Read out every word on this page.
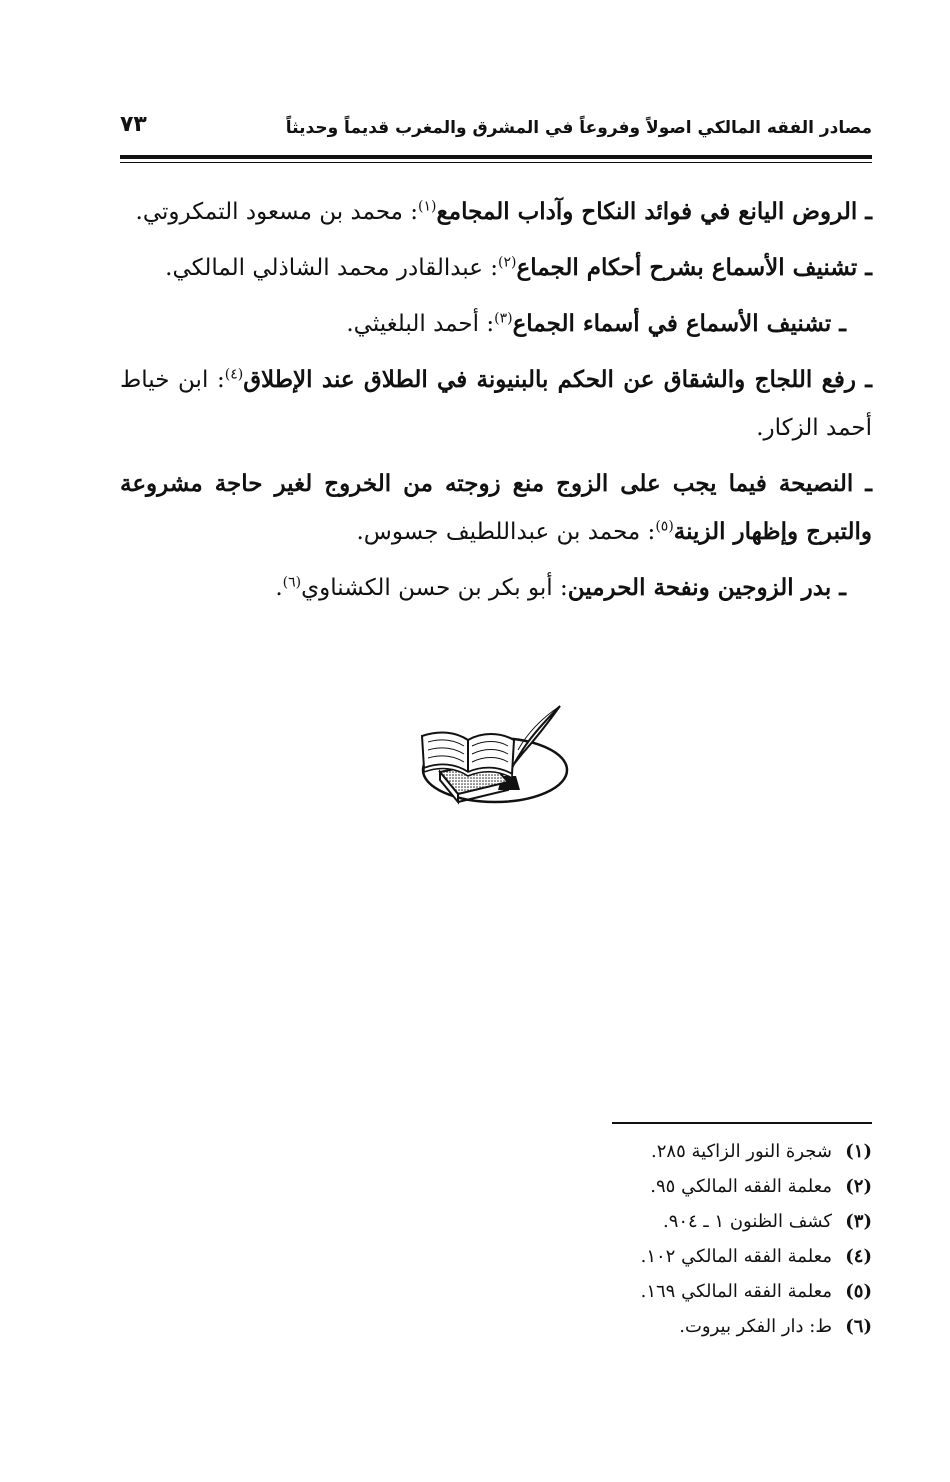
مصادر الفقه المالكي اصولاً وفروعاً في المشرق والمغرب قديماً وحديثاً
٧٣

ـ الروض اليانع في فوائد النكاح وآداب المجامع$^{(١)}$: محمد بن مسعود التمكروتي.

ـ تشنيف الأسماع بشرح أحكام الجماع$^{(٢)}$: عبدالقادر محمد الشاذلي المالكي.

ـ تشنيف الأسماع في أسماء الجماع$^{(٣)}$: أحمد البلغيثي.

ـ رفع اللجاج والشقاق عن الحكم بالبنيونة في الطلاق عند الإطلاق$^{(٤)}$: ابن خياط أحمد الزكار.

ـ النصيحة فيما يجب على الزوج منع زوجته من الخروج لغير حاجة مشروعة والتبرج وإظهار الزينة$^{(٥)}$: محمد بن عبداللطيف جسوس.

ـ بدر الزوجين ونفحة الحرمين: أبو بكر بن حسن الكشناوي$^{(٦)}$.

(١)شجرة النور الزاكية ٢٨٥.
(٢)معلمة الفقه المالكي ٩٥.
(٣)كشف الظنون ١ ـ ٩٠٤.
(٤)معلمة الفقه المالكي ١٠٢.
(٥)معلمة الفقه المالكي ١٦٩.
(٦)ط: دار الفكر بيروت.
